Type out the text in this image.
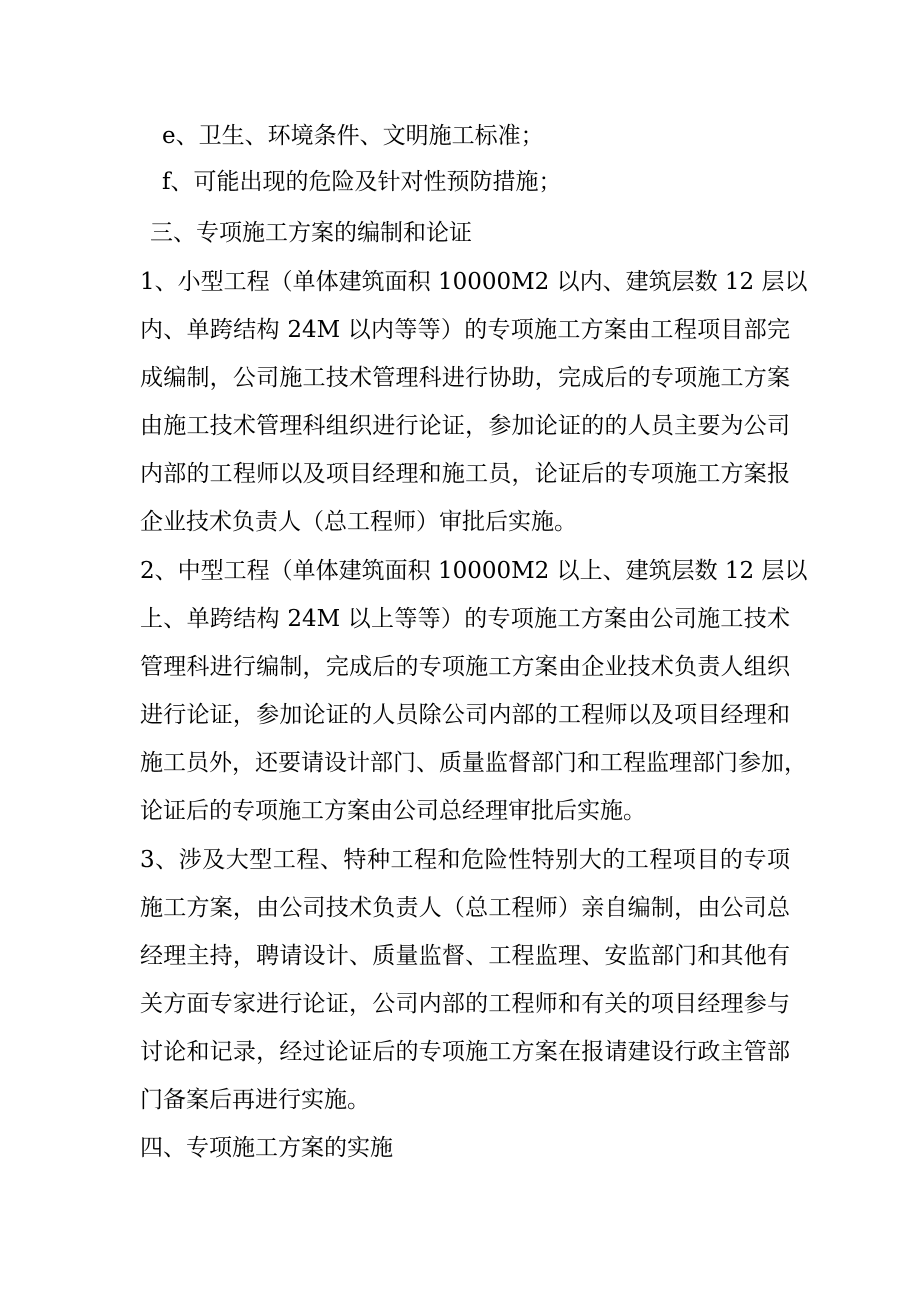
e、卫生、环境条件、文明施工标准；
f、可能出现的危险及针对性预防措施；
三、专项施工方案的编制和论证
1、小型工程（单体建筑面积 10000M2 以内、建筑层数 12 层以
内、单跨结构 24M 以内等等）的专项施工方案由工程项目部完
成编制，公司施工技术管理科进行协助，完成后的专项施工方案
由施工技术管理科组织进行论证，参加论证的的人员主要为公司
内部的工程师以及项目经理和施工员，论证后的专项施工方案报
企业技术负责人（总工程师）审批后实施。
2、中型工程（单体建筑面积 10000M2 以上、建筑层数 12 层以
上、单跨结构 24M 以上等等）的专项施工方案由公司施工技术
管理科进行编制，完成后的专项施工方案由企业技术负责人组织
进行论证，参加论证的人员除公司内部的工程师以及项目经理和
施工员外，还要请设计部门、质量监督部门和工程监理部门参加，
论证后的专项施工方案由公司总经理审批后实施。
3、涉及大型工程、特种工程和危险性特别大的工程项目的专项
施工方案，由公司技术负责人（总工程师）亲自编制，由公司总
经理主持，聘请设计、质量监督、工程监理、安监部门和其他有
关方面专家进行论证，公司内部的工程师和有关的项目经理参与
讨论和记录，经过论证后的专项施工方案在报请建设行政主管部
门备案后再进行实施。
四、专项施工方案的实施
